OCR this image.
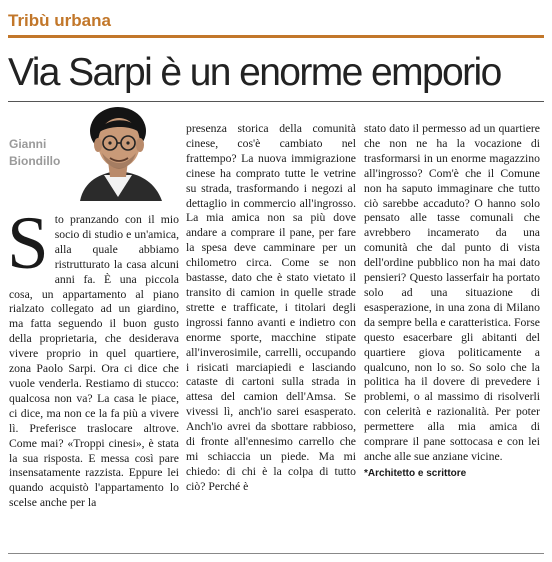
Tribù urbana
Via Sarpi è un enorme emporio
Gianni
Biondillo
S to pranzando con il mio socio di studio e un'amica, alla quale abbiamo ristrutturato la casa alcuni anni fa. È una piccola cosa, un appartamento al piano rialzato collegato ad un giardino, ma fatta seguendo il buon gusto della proprietaria, che desiderava vivere proprio in quel quartiere, zona Paolo Sarpi. Ora ci dice che vuole venderla. Restiamo di stucco: qualcosa non va? La casa le piace, ci dice, ma non ce la fa più a vivere lì. Preferisce traslocare altrove. Come mai? «Troppi cinesi», è stata la sua risposta. E messa così pare insensatamente razzista. Eppure lei quando acquistò l'appartamento lo scelse anche per la

presenza storica della comunità cinese, cos'è cambiato nel frattempo? La nuova immigrazione cinese ha comprato tutte le vetrine su strada, trasformando i negozi al dettaglio in commercio all'ingrosso. La mia amica non sa più dove andare a comprare il pane, per fare la spesa deve camminare per un chilometro circa. Come se non bastasse, dato che è stato vietato il transito di camion in quelle strade strette e trafficate, i titolari degli ingrossi fanno avanti e indietro con enorme sporte, macchine stipate all'inverosimile, carrelli, occupando i risicati marciapiedi e lasciando cataste di cartoni sulla strada in attesa del camion dell'Amsa. Se vivessi lì, anch'io sarei esasperato. Anch'io avrei da sbottare rabbioso, di fronte all'ennesimo carrello che mi schiaccia un piede. Ma mi chiedo: di chi è la colpa di tutto ciò? Perché è

stato dato il permesso ad un quartiere che non ne ha la vocazione di trasformarsi in un enorme magazzino all'ingrosso? Com'è che il Comune non ha saputo immaginare che tutto ciò sarebbe accaduto? O hanno solo pensato alle tasse comunali che avrebbero incamerato da una comunità che dal punto di vista dell'ordine pubblico non ha mai dato pensieri? Questo lasserfair ha portato solo ad una situazione di esasperazione, in una zona di Milano da sempre bella e caratteristica. Forse questo esacerbare gli abitanti del quartiere giova politicamente a qualcuno, non lo so. So solo che la politica ha il dovere di prevedere i problemi, o al massimo di risolverli con celerità e razionalità. Per poter permettere alla mia amica di comprare il pane sottocasa e con lei anche alle sue anziane vicine.

*Architetto e scrittore
